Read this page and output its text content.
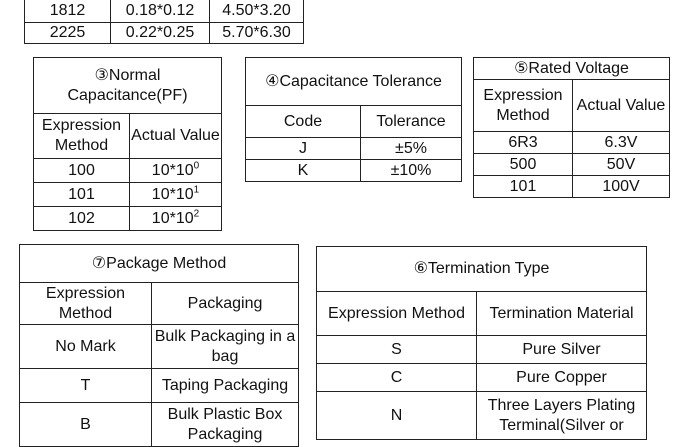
1812	0.18*0.12	4.50*3.20
2225	0.22*0.25	5.70*6.30
③Normal Capacitance(PF)	
Expression Method	Actual Value
100	$10*10^0$
101	$10*10^1$
102	$10*10^2$
④Capacitance Tolerance	
Code	Tolerance
J	±5%
K	±10%
⑤Rated Voltage	
Expression Method	Actual Value
6R3	6.3V
500	50V
101	100V
⑦Package Method	
Expression Method	Packaging
No Mark	Bulk Packaging in a bag
T	Taping Packaging
B	Bulk Plastic Box Packaging
⑥Termination Type	
Expression Method	Termination Material
S	Pure Silver
C	Pure Copper
N	Three Layers Plating Terminal(Silver or
